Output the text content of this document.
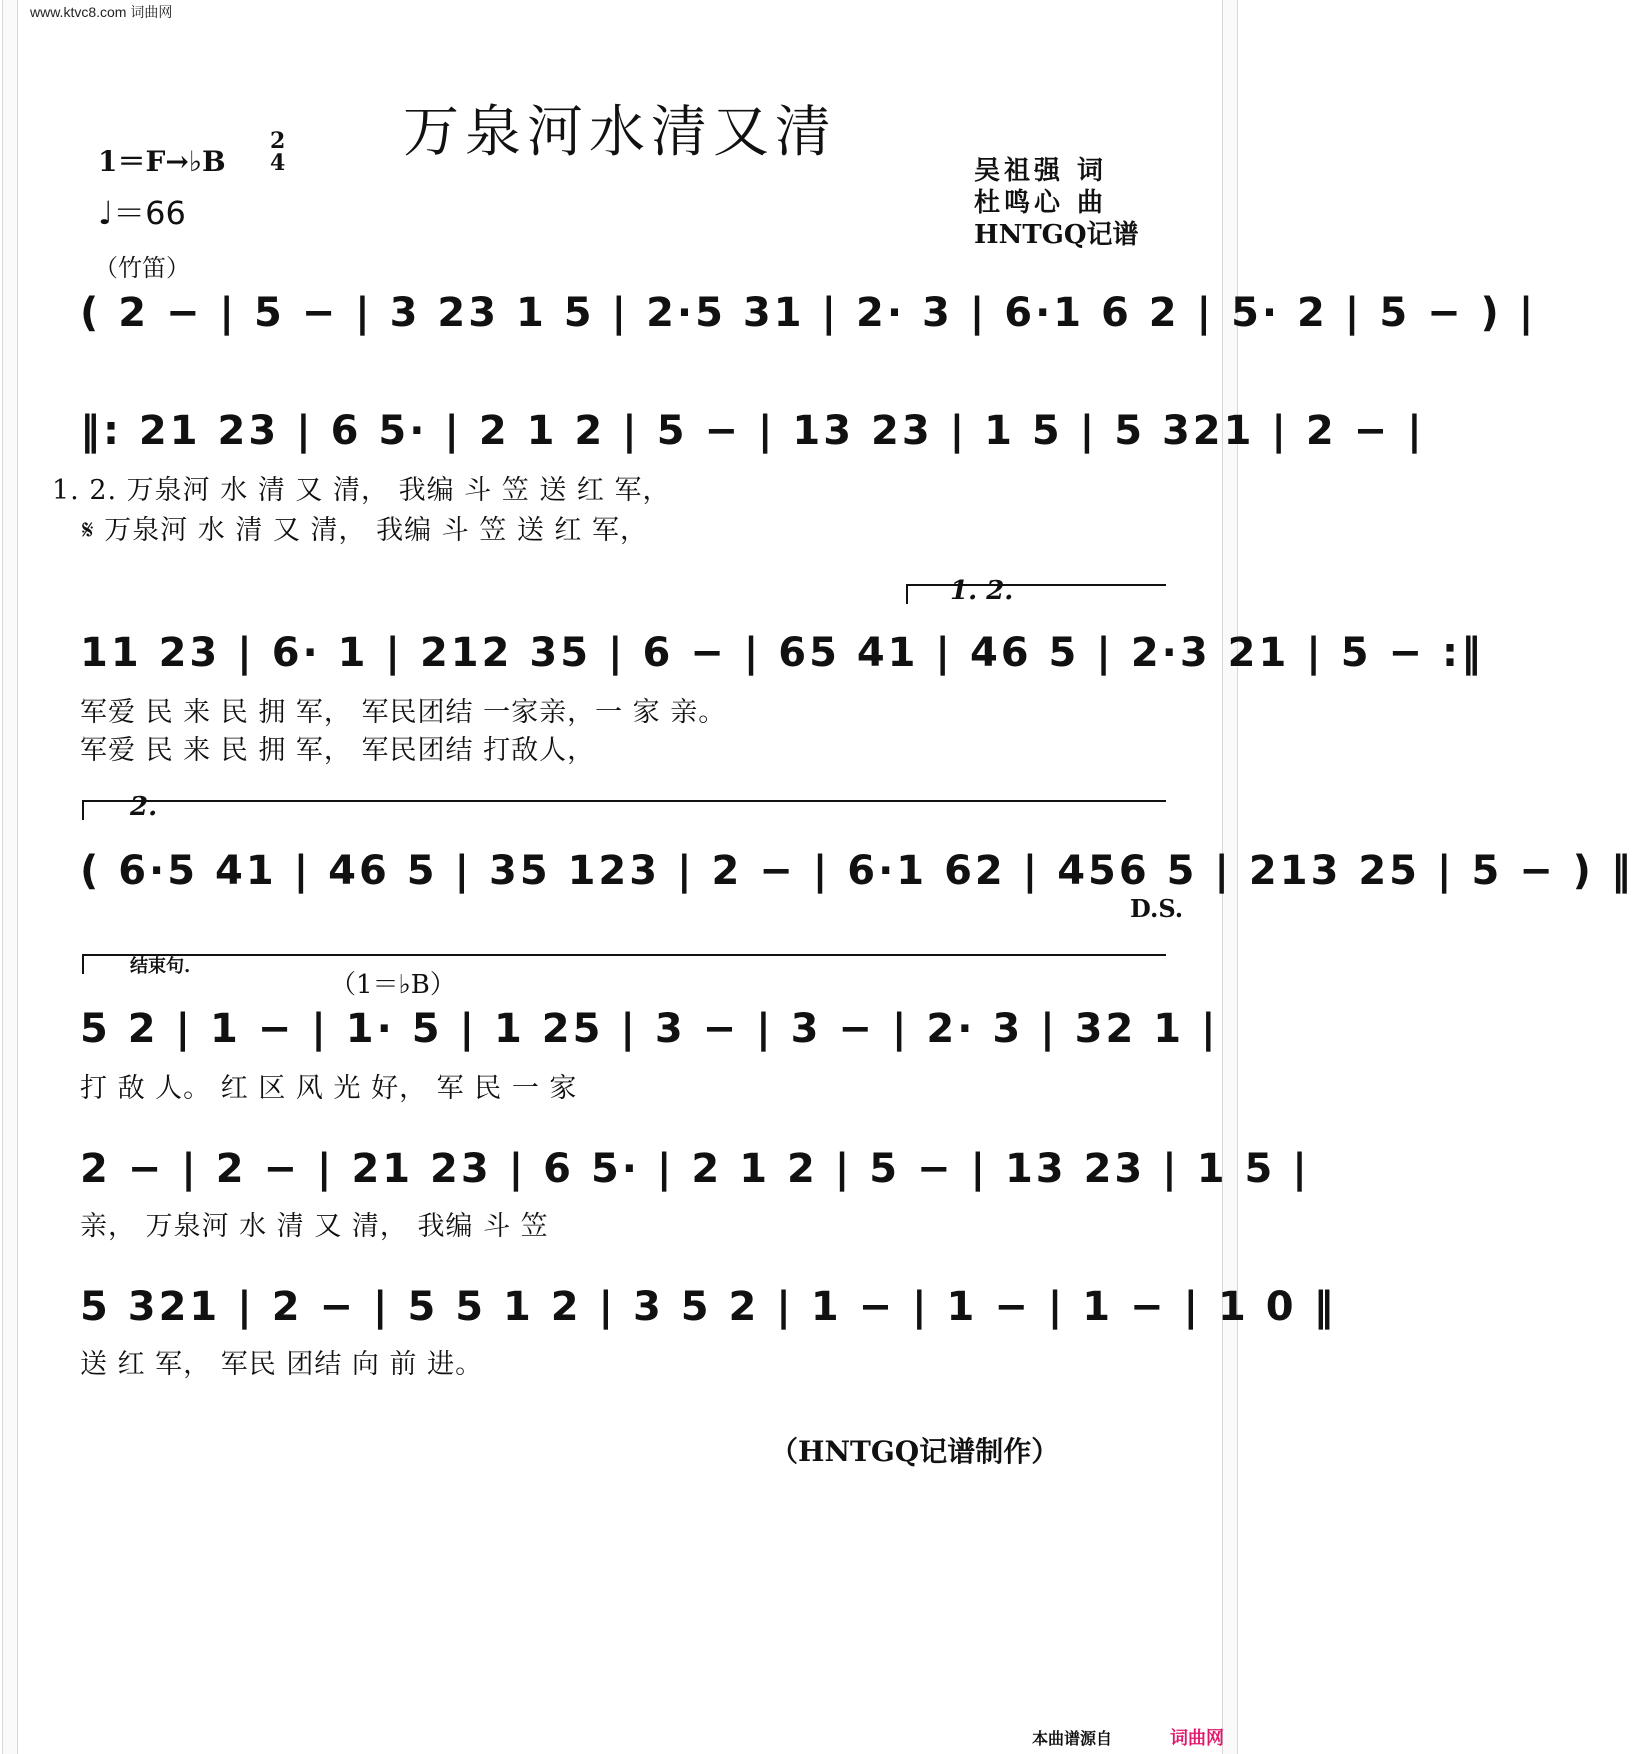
www.ktvc8.com 词曲网
万泉河水清又清
1＝F→♭B
2
4
♩＝66
吴祖强 词
杜鸣心 曲
HNTGQ记谱
（竹笛）
( 2 − | 5 − | 3 23 1 5 | 2·5 31 | 2· 3 | 6·1 6 2 | 5· 2 | 5 − ) |
‖: 21 23 | 6 5· | 2 1 2 | 5 − | 13 23 | 1 5 | 5 321 | 2 − |
1. 2. 万泉河 水 清 又 清， 我编 斗 笠 送 红 军，
𝄋 万泉河 水 清 又 清， 我编 斗 笠 送 红 军，
1. 2.
11 23 | 6· 1 | 212 35 | 6 − | 65 41 | 46 5 | 2·3 21 | 5 − :‖
军爱 民 来 民 拥 军， 军民团结 一家亲，一 家 亲。
军爱 民 来 民 拥 军， 军民团结 打敌人，
2.
( 6·5 41 | 46 5 | 35 123 | 2 − | 6·1 62 | 456 5 | 213 25 | 5 − ) ‖
D.S.
结束句.
（1＝♭B）
5 2 | 1 − | 1· 5 | 1 25 | 3 − | 3 − | 2· 3 | 32 1 |
打 敌 人。 红 区 风 光 好， 军 民 一 家
2 − | 2 − | 21 23 | 6 5· | 2 1 2 | 5 − | 13 23 | 1 5 |
亲， 万泉河 水 清 又 清， 我编 斗 笠
5 321 | 2 − | 5 5 1 2 | 3 5 2 | 1 − | 1 − | 1 − | 1 0 ‖
送 红 军， 军民 团结 向 前 进。
（HNTGQ记谱制作）
本曲谱源自	词曲网
